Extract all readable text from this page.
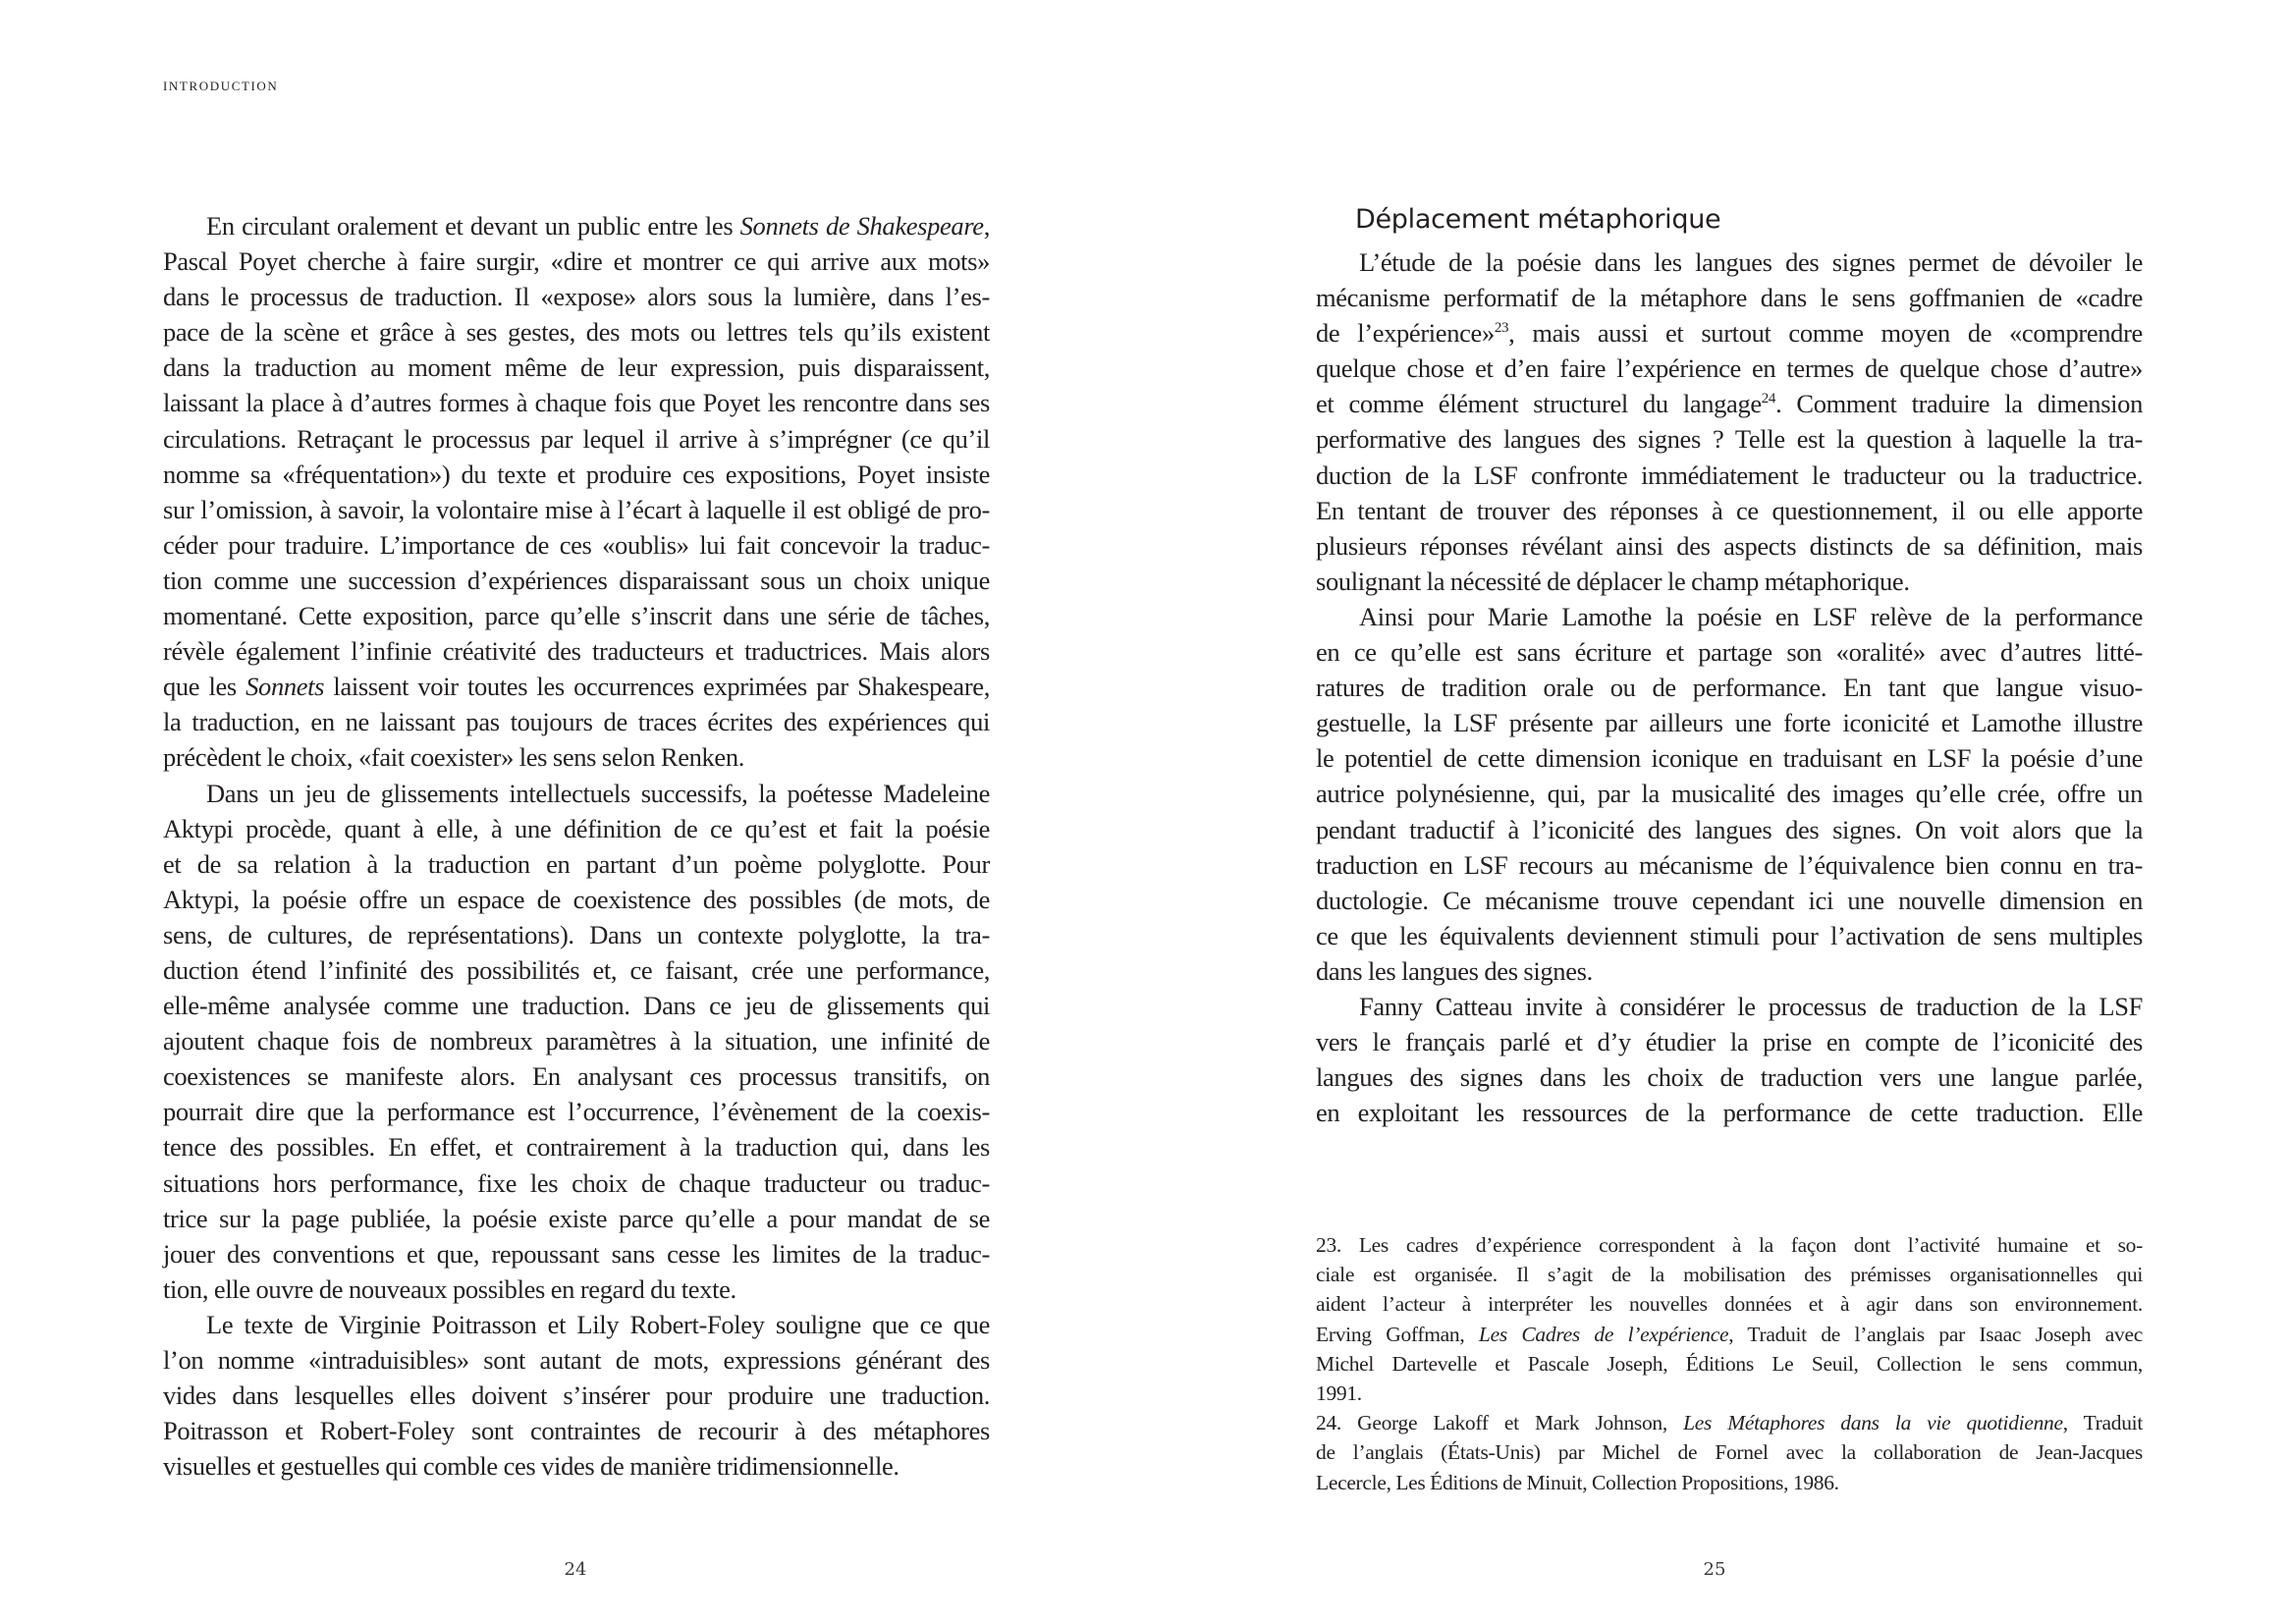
introduction
En circulant oralement et devant un public entre les Sonnets de Shakespeare,
Pascal Poyet cherche à faire surgir, «dire et montrer ce qui arrive aux mots»
dans le processus de traduction. Il «expose» alors sous la lumière, dans l’es-
pace de la scène et grâce à ses gestes, des mots ou lettres tels qu’ils existent
dans la traduction au moment même de leur expression, puis disparaissent,
laissant la place à d’autres formes à chaque fois que Poyet les rencontre dans ses
circulations. Retraçant le processus par lequel il arrive à s’imprégner (ce qu’il
nomme sa «fréquentation») du texte et produire ces expositions, Poyet insiste
sur l’omission, à savoir, la volontaire mise à l’écart à laquelle il est obligé de pro-
céder pour traduire. L’importance de ces «oublis» lui fait concevoir la traduc-
tion comme une succession d’expériences disparaissant sous un choix unique
momentané. Cette exposition, parce qu’elle s’inscrit dans une série de tâches,
révèle également l’infinie créativité des traducteurs et traductrices. Mais alors
que les Sonnets laissent voir toutes les occurrences exprimées par Shakespeare,
la traduction, en ne laissant pas toujours de traces écrites des expériences qui
précèdent le choix, «fait coexister» les sens selon Renken.
Dans un jeu de glissements intellectuels successifs, la poétesse Madeleine
Aktypi procède, quant à elle, à une définition de ce qu’est et fait la poésie
et de sa relation à la traduction en partant d’un poème polyglotte. Pour
Aktypi, la poésie offre un espace de coexistence des possibles (de mots, de
sens, de cultures, de représentations). Dans un contexte polyglotte, la tra-
duction étend l’infinité des possibilités et, ce faisant, crée une performance,
elle-même analysée comme une traduction. Dans ce jeu de glissements qui
ajoutent chaque fois de nombreux paramètres à la situation, une infinité de
coexistences se manifeste alors. En analysant ces processus transitifs, on
pourrait dire que la performance est l’occurrence, l’évènement de la coexis-
tence des possibles. En effet, et contrairement à la traduction qui, dans les
situations hors performance, fixe les choix de chaque traducteur ou traduc-
trice sur la page publiée, la poésie existe parce qu’elle a pour mandat de se
jouer des conventions et que, repoussant sans cesse les limites de la traduc-
tion, elle ouvre de nouveaux possibles en regard du texte.
Le texte de Virginie Poitrasson et Lily Robert-Foley souligne que ce que
l’on nomme «intraduisibles» sont autant de mots, expressions générant des
vides dans lesquelles elles doivent s’insérer pour produire une traduction.
Poitrasson et Robert-Foley sont contraintes de recourir à des métaphores
visuelles et gestuelles qui comble ces vides de manière tridimensionnelle.
24
Déplacement métaphorique
L’étude de la poésie dans les langues des signes permet de dévoiler le
mécanisme performatif de la métaphore dans le sens goffmanien de «cadre
de l’expérience»$^{23}$, mais aussi et surtout comme moyen de «comprendre
quelque chose et d’en faire l’expérience en termes de quelque chose d’autre»
et comme élément structurel du langage$^{24}$. Comment traduire la dimension
performative des langues des signes ? Telle est la question à laquelle la tra-
duction de la LSF confronte immédiatement le traducteur ou la traductrice.
En tentant de trouver des réponses à ce questionnement, il ou elle apporte
plusieurs réponses révélant ainsi des aspects distincts de sa définition, mais
soulignant la nécessité de déplacer le champ métaphorique.
Ainsi pour Marie Lamothe la poésie en LSF relève de la performance
en ce qu’elle est sans écriture et partage son «oralité» avec d’autres litté-
ratures de tradition orale ou de performance. En tant que langue visuo-
gestuelle, la LSF présente par ailleurs une forte iconicité et Lamothe illustre
le potentiel de cette dimension iconique en traduisant en LSF la poésie d’une
autrice polynésienne, qui, par la musicalité des images qu’elle crée, offre un
pendant traductif à l’iconicité des langues des signes. On voit alors que la
traduction en LSF recours au mécanisme de l’équivalence bien connu en tra-
ductologie. Ce mécanisme trouve cependant ici une nouvelle dimension en
ce que les équivalents deviennent stimuli pour l’activation de sens multiples
dans les langues des signes.
Fanny Catteau invite à considérer le processus de traduction de la LSF
vers le français parlé et d’y étudier la prise en compte de l’iconicité des
langues des signes dans les choix de traduction vers une langue parlée,
en exploitant les ressources de la performance de cette traduction. Elle
23. Les cadres d’expérience correspondent à la façon dont l’activité humaine et so-
ciale est organisée. Il s’agit de la mobilisation des prémisses organisationnelles qui
aident l’acteur à interpréter les nouvelles données et à agir dans son environnement.
Erving Goffman, Les Cadres de l’expérience, Traduit de l’anglais par Isaac Joseph avec
Michel Dartevelle et Pascale Joseph, Éditions Le Seuil, Collection le sens commun,
1991.
24. George Lakoff et Mark Johnson, Les Métaphores dans la vie quotidienne, Traduit
de l’anglais (États-Unis) par Michel de Fornel avec la collaboration de Jean-Jacques
Lecercle, Les Éditions de Minuit, Collection Propositions, 1986.
25
